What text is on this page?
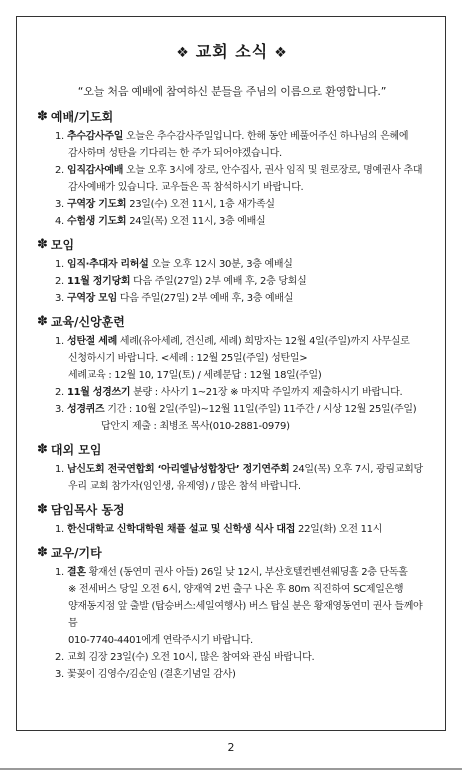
❖ 교회 소식 ❖
“오늘 처음 예배에 참여하신 분들을 주님의 이름으로 환영합니다.”
✽ 예배/기도회
1. 추수감사주일 오늘은 추수감사주일입니다. 한해 동안 베풀어주신 하나님의 은혜에
감사하며 성탄을 기다리는 한 주가 되어야겠습니다.
2. 임직감사예배 오늘 오후 3시에 장로, 안수집사, 권사 임직 및 원로장로, 명예권사 추대
감사예배가 있습니다. 교우들은 꼭 참석하시기 바랍니다.
3. 구역장 기도회 23일(수) 오전 11시, 1층 새가족실
4. 수험생 기도회 24일(목) 오전 11시, 3층 예배실
✽ 모임
1. 임직·추대자 리허설 오늘 오후 12시 30분, 3층 예배실
2. 11월 정기당회 다음 주일(27일) 2부 예배 후, 2층 당회실
3. 구역장 모임 다음 주일(27일) 2부 예배 후, 3층 예배실
✽ 교육/신앙훈련
1. 성탄절 세례 세례(유아세례, 견신례, 세례) 희망자는 12월 4일(주일)까지 사무실로
신청하시기 바랍니다. <세례 : 12월 25일(주일) 성탄일>
세례교육 : 12월 10, 17일(토) / 세례문답 : 12월 18일(주일)
2. 11월 성경쓰기 분량 : 사사기 1~21장 ※ 마지막 주일까지 제출하시기 바랍니다.
3. 성경퀴즈 기간 : 10월 2일(주일)~12월 11일(주일) 11주간 / 시상 12월 25일(주일)
답안지 제출 : 최병조 목사(010-2881-0979)
✽ 대외 모임
1. 남신도회 전국연합회 ‘아리엘남성합창단’ 정기연주회 24일(목) 오후 7시, 광림교회당
우리 교회 참가자(임인생, 유제영) / 많은 참석 바랍니다.
✽ 담임목사 동정
1. 한신대학교 신학대학원 채플 설교 및 신학생 식사 대접 22일(화) 오전 11시
✽ 교우/기타
1. 결혼 황재선 (동연미 권사 아들) 26일 낮 12시, 부산호텔컨벤션웨딩홀 2층 단독홀
※ 전세버스 당일 오전 6시, 양재역 2번 출구 나온 후 80m 직진하여 SC제일은행
양재동지점 앞 출발 (탑승버스:세일여행사) 버스 탑실 분은 황재영동연미 권사 들께야믐
010-7740-4401에게 연락주시기 바랍니다.
2. 교회 김장 23일(수) 오전 10시, 많은 참여와 관심 바랍니다.
3. 꽃꽂이 김영수/김순임 (결혼기념일 감사)
2
